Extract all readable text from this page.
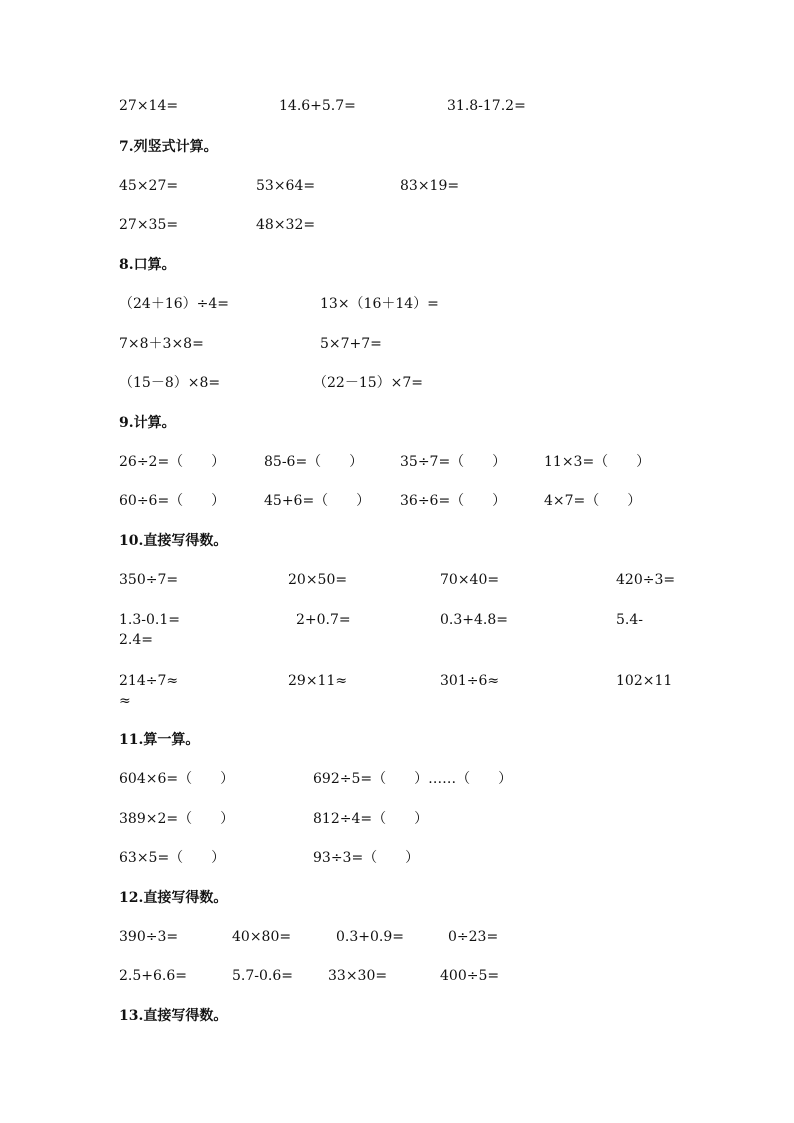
27×14=	14.6+5.7=	31.8-17.2=
7.列竖式计算。
45×27=	53×64=	83×19=
27×35=	48×32=
8.口算。
（24＋16）÷4=	13×（16＋14）=
7×8＋3×8=	5×7+7=
（15－8）×8=	（22－15）×7=
9.计算。
26÷2=（　　）	85-6=（　　）	35÷7=（　　）	11×3=（　　）
60÷6=（　　）	45+6=（　　） 36÷6=（　　）	4×7=（　　）
10.直接写得数。
350÷7=	20×50=	70×40=	420÷3=
1.3-0.1=	2+0.7=	0.3+4.8=	5.4-
2.4=
214÷7≈	29×11≈	301÷6≈	102×11
≈
11.算一算。
604×6=（　　）	692÷5=（　　）……（　　）
389×2=（　　）	812÷4=（　　）
63×5=（　　）	93÷3=（　　）
12.直接写得数。
390÷3=	40×80=	0.3+0.9=	0÷23=
2.5+6.6=	5.7-0.6=	33×30=	400÷5=
13.直接写得数。
